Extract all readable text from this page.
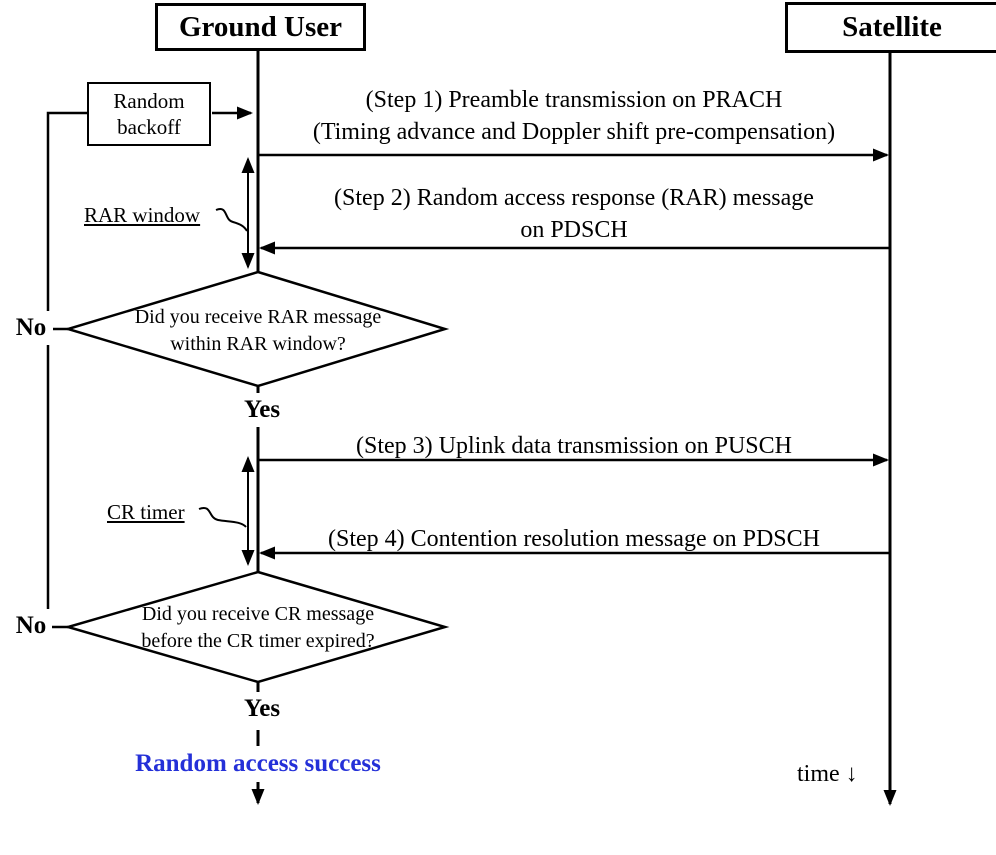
Ground User	Satellite
Random backoff
(Step 1) Preamble transmission on PRACH
(Timing advance and Doppler shift pre-compensation)
(Step 2) Random access response (RAR) message
on PDSCH
(Step 3) Uplink data transmission on PUSCH
(Step 4) Contention resolution message on PDSCH
RAR window
CR timer
Did you receive RAR message
within RAR window?
Did you receive CR message
before the CR timer expired?
No
Yes
No
Yes
Random access success	time ↓
